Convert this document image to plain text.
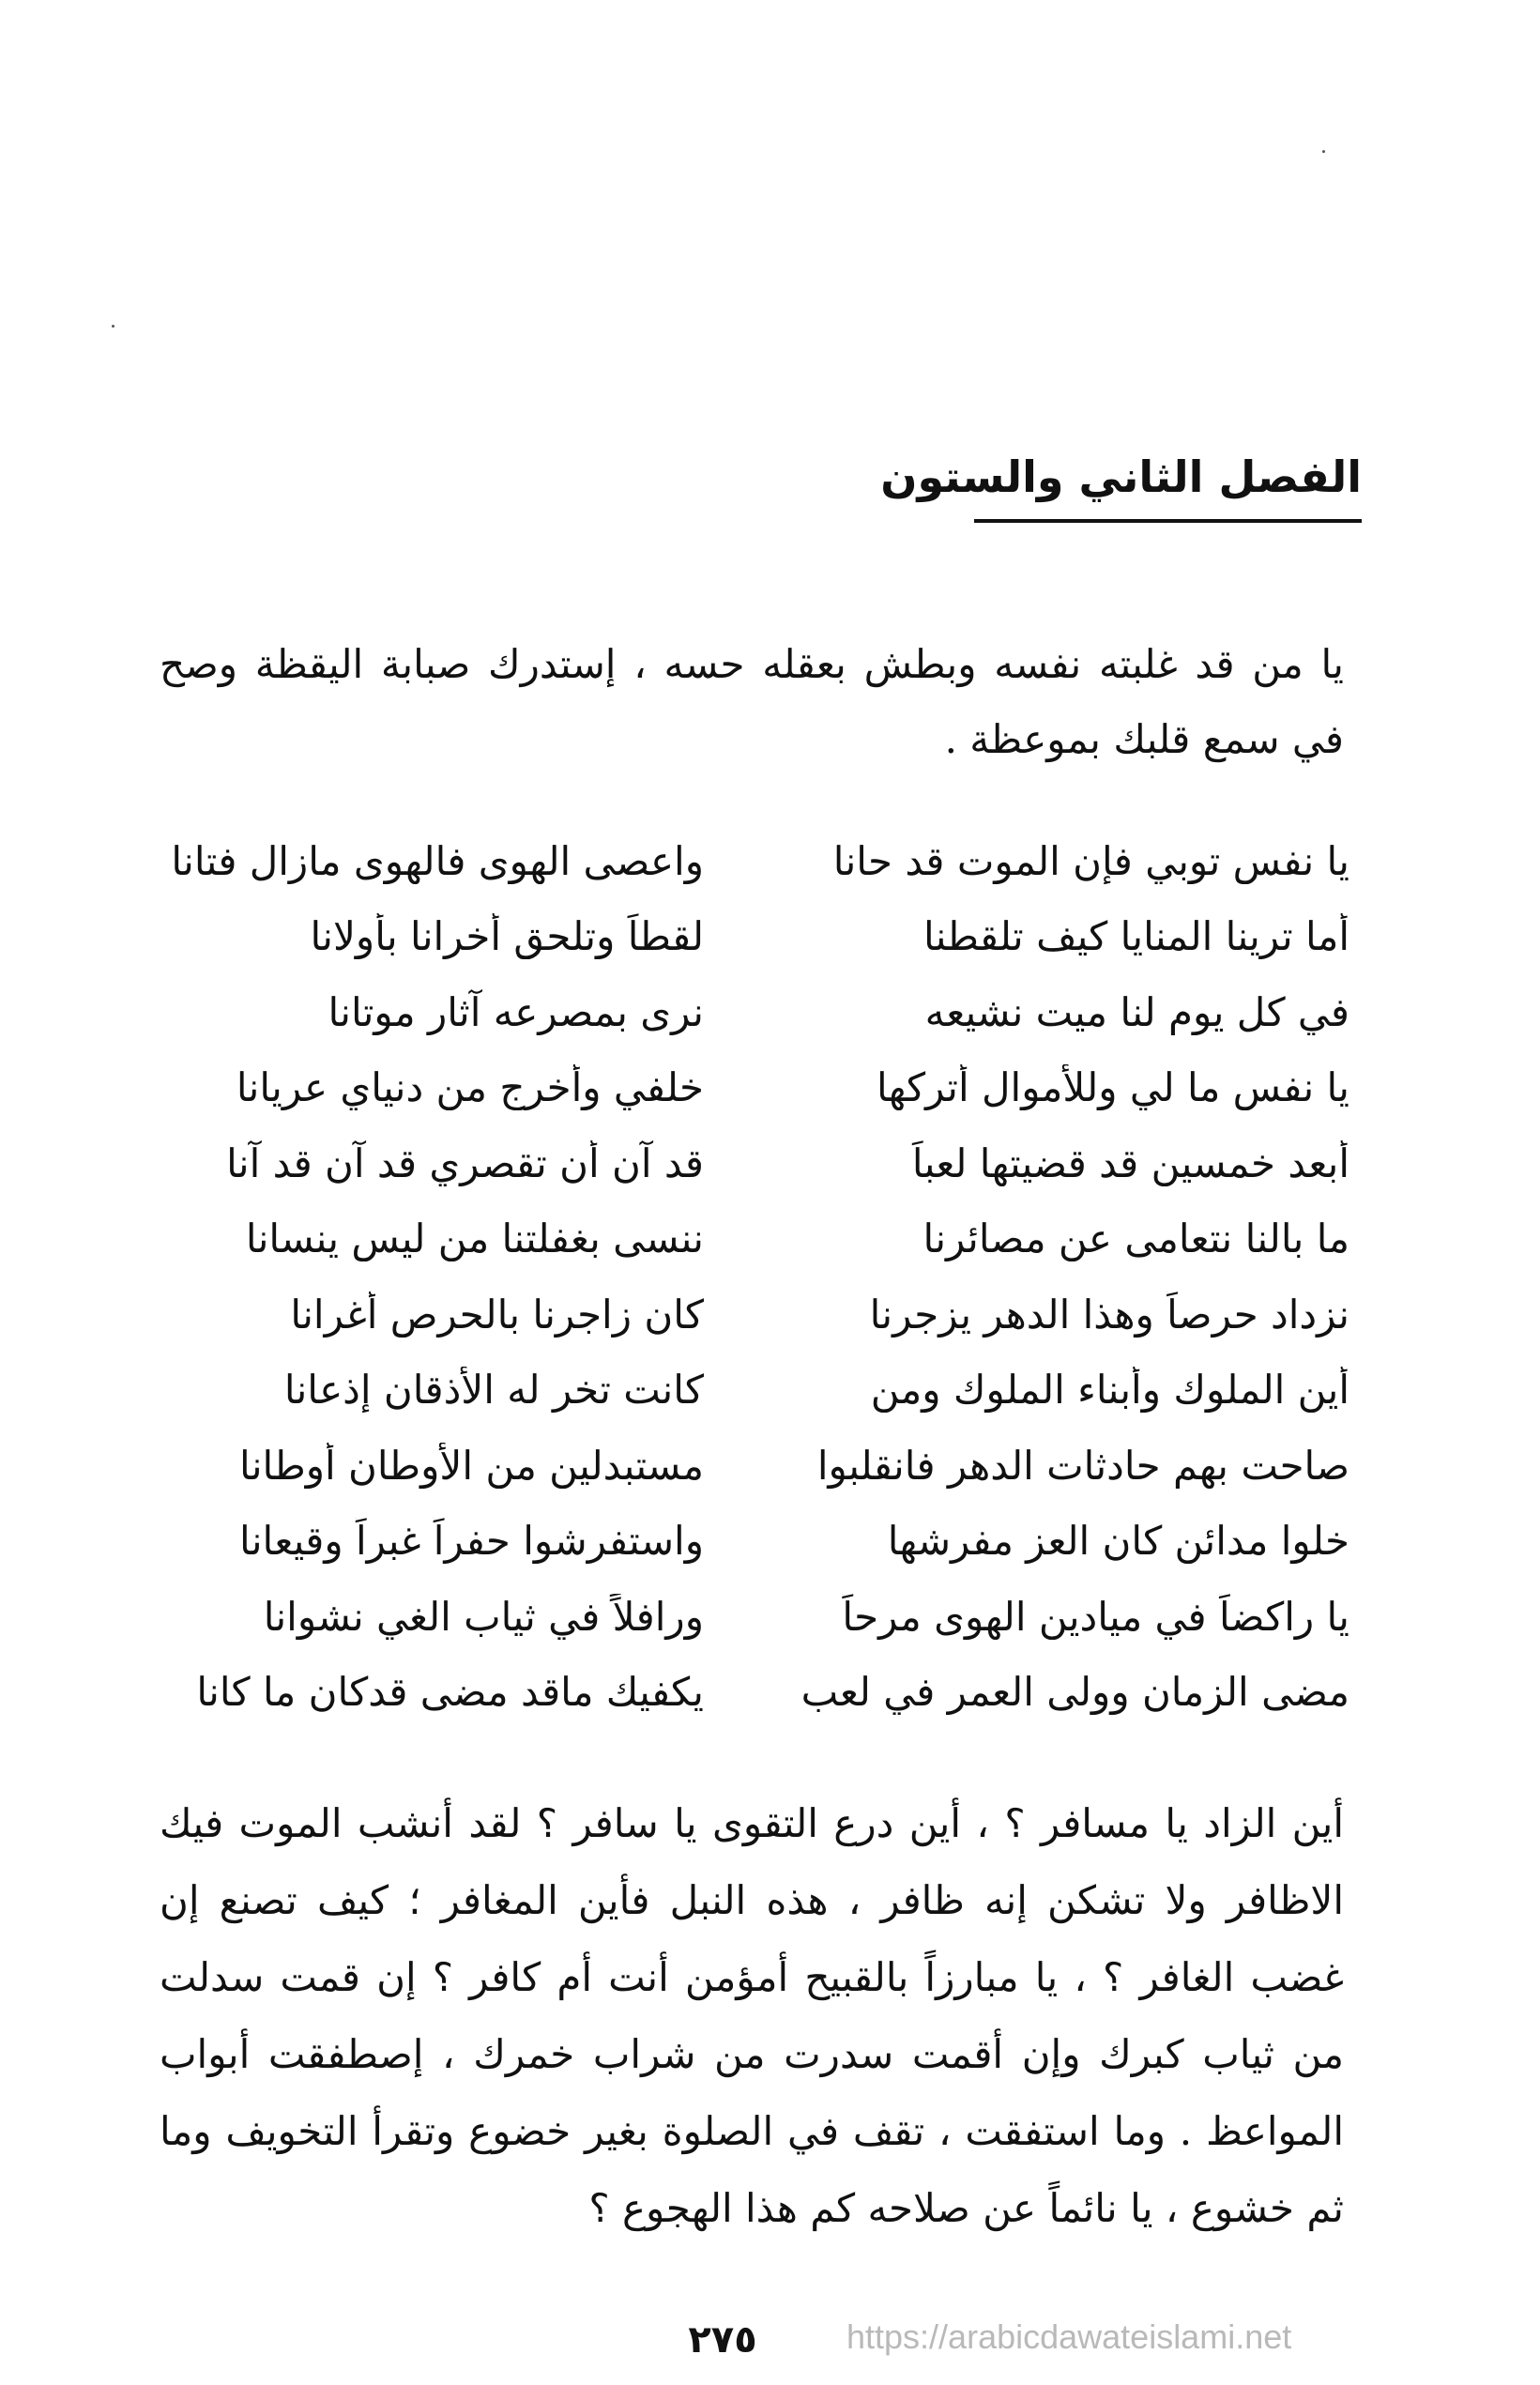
الفصل الثاني والستون

يا من قد غلبته نفسه وبطش بعقله حسه ، إستدرك صبابة اليقظة وصح في سمع قلبك بموعظة .

يا نفس توبي فإن الموت قد حانا
واعصى الهوى فالهوى مازال فتانا
أما ترينا المنايا كيف تلقطنا
لقطاً وتلحق أخرانا بأولانا
في كل يوم لنا ميت نشيعه
نرى بمصرعه آثار موتانا
يا نفس ما لي وللأموال أتركها
خلفي وأخرج من دنياي عريانا
أبعد خمسين قد قضيتها لعباً
قد آن أن تقصري قد آن قد آنا
ما بالنا نتعامى عن مصائرنا
ننسى بغفلتنا من ليس ينسانا
نزداد حرصاً وهذا الدهر يزجرنا
كان زاجرنا بالحرص أغرانا
أين الملوك وأبناء الملوك ومن
كانت تخر له الأذقان إذعانا
صاحت بهم حادثات الدهر فانقلبوا
مستبدلين من الأوطان أوطانا
خلوا مدائن كان العز مفرشها
واستفرشوا حفراً غبراً وقيعانا
يا راكضاً في ميادين الهوى مرحاً
ورافلاً في ثياب الغي نشوانا
مضى الزمان وولى العمر في لعب
يكفيك ماقد مضى قدكان ما كانا

أين الزاد يا مسافر ؟ ، أين درع التقوى يا سافر ؟ لقد أنشب الموت فيك الاظافر ولا تشكن إنه ظافر ، هذه النبل فأين المغافر ؛ كيف تصنع إن غضب الغافر ؟ ، يا مبارزاً بالقبيح أمؤمن أنت أم كافر ؟ إن قمت سدلت من ثياب كبرك وإن أقمت سدرت من شراب خمرك ، إصطفقت أبواب المواعظ . وما استفقت ، تقف في الصلوة بغير خضوع وتقرأ التخويف وما ثم خشوع ، يا نائماً عن صلاحه كم هذا الهجوع ؟

٢٧٥	https://arabicdawateislami.net
